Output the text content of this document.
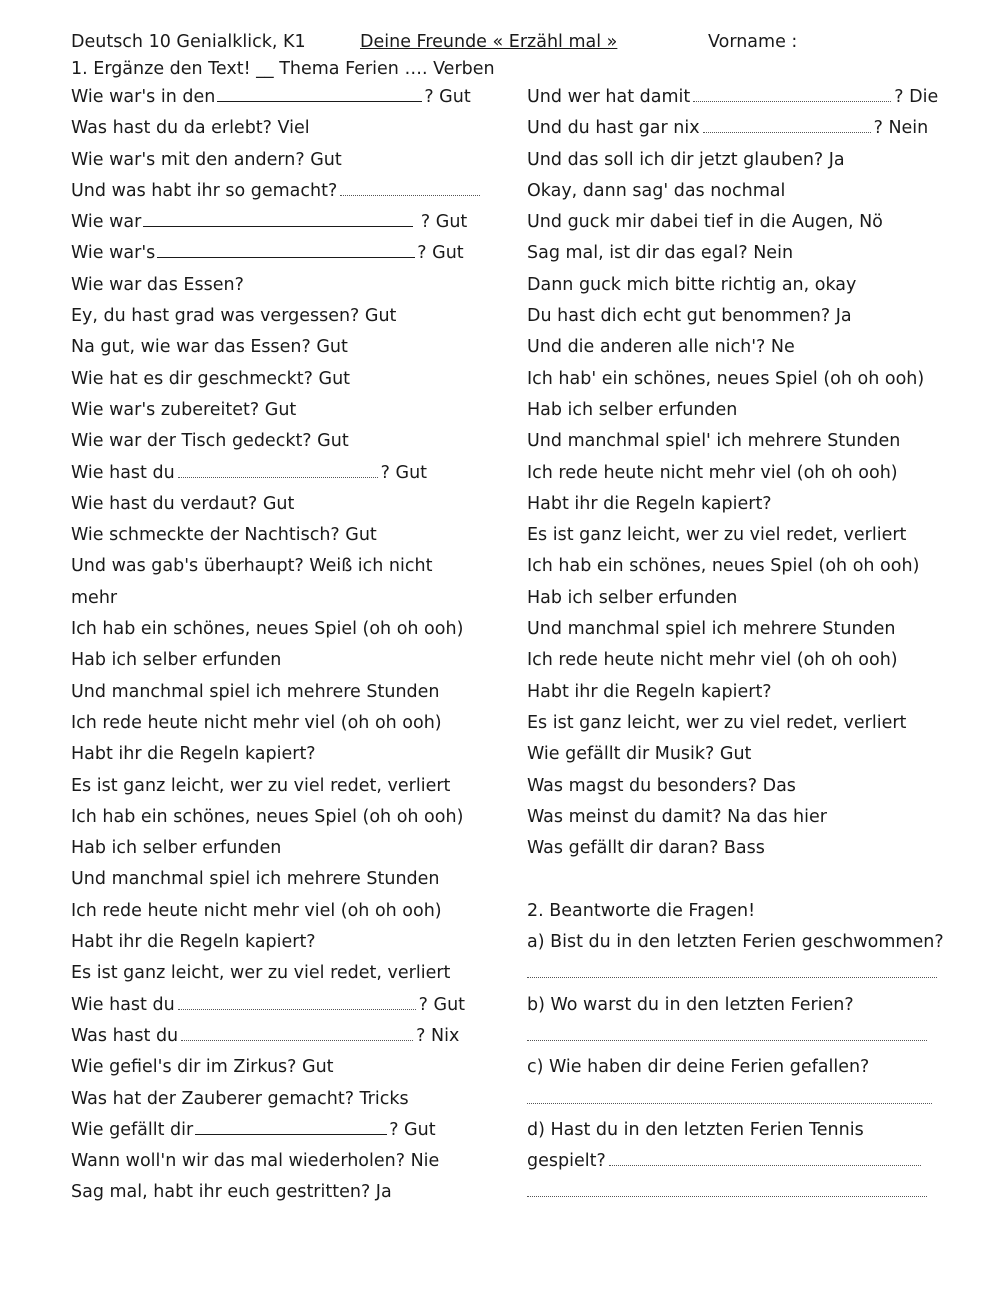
Deutsch 10 Genialklick, K1	Deine Freunde « Erzähl mal »	Vorname :
1. Ergänze den Text! __ Thema Ferien …. Verben
Wie war's in den	? Gut
Was hast du da erlebt? Viel
Wie war's mit den andern? Gut
Und was habt ihr so gemacht?
Wie war	? Gut
Wie war's	? Gut
Wie war das Essen?
Ey, du hast grad was vergessen? Gut
Na gut, wie war das Essen? Gut
Wie hat es dir geschmeckt? Gut
Wie war's zubereitet? Gut
Wie war der Tisch gedeckt? Gut
Wie hast du	? Gut
Wie hast du verdaut? Gut
Wie schmeckte der Nachtisch? Gut
Und was gab's überhaupt? Weiß ich nicht
mehr
Ich hab ein schönes, neues Spiel (oh oh ooh)
Hab ich selber erfunden
Und manchmal spiel ich mehrere Stunden
Ich rede heute nicht mehr viel (oh oh ooh)
Habt ihr die Regeln kapiert?
Es ist ganz leicht, wer zu viel redet, verliert
Ich hab ein schönes, neues Spiel (oh oh ooh)
Hab ich selber erfunden
Und manchmal spiel ich mehrere Stunden
Ich rede heute nicht mehr viel (oh oh ooh)
Habt ihr die Regeln kapiert?
Es ist ganz leicht, wer zu viel redet, verliert
Wie hast du	? Gut
Was hast du	? Nix
Wie gefiel's dir im Zirkus? Gut
Was hat der Zauberer gemacht? Tricks
Wie gefällt dir	? Gut
Wann woll'n wir das mal wiederholen? Nie
Sag mal, habt ihr euch gestritten? Ja
Und wer hat damit	? Die
Und du hast gar nix	? Nein
Und das soll ich dir jetzt glauben? Ja
Okay, dann sag' das nochmal
Und guck mir dabei tief in die Augen, Nö
Sag mal, ist dir das egal? Nein
Dann guck mich bitte richtig an, okay
Du hast dich echt gut benommen? Ja
Und die anderen alle nich'? Ne
Ich hab' ein schönes, neues Spiel (oh oh ooh)
Hab ich selber erfunden
Und manchmal spiel' ich mehrere Stunden
Ich rede heute nicht mehr viel (oh oh ooh)
Habt ihr die Regeln kapiert?
Es ist ganz leicht, wer zu viel redet, verliert
Ich hab ein schönes, neues Spiel (oh oh ooh)
Hab ich selber erfunden
Und manchmal spiel ich mehrere Stunden
Ich rede heute nicht mehr viel (oh oh ooh)
Habt ihr die Regeln kapiert?
Es ist ganz leicht, wer zu viel redet, verliert
Wie gefällt dir Musik? Gut
Was magst du besonders? Das
Was meinst du damit? Na das hier
Was gefällt dir daran? Bass
2. Beantworte die Fragen!
a) Bist du in den letzten Ferien geschwommen?
b) Wo warst du in den letzten Ferien?
c) Wie haben dir deine Ferien gefallen?
d) Hast du in den letzten Ferien Tennis
gespielt?
